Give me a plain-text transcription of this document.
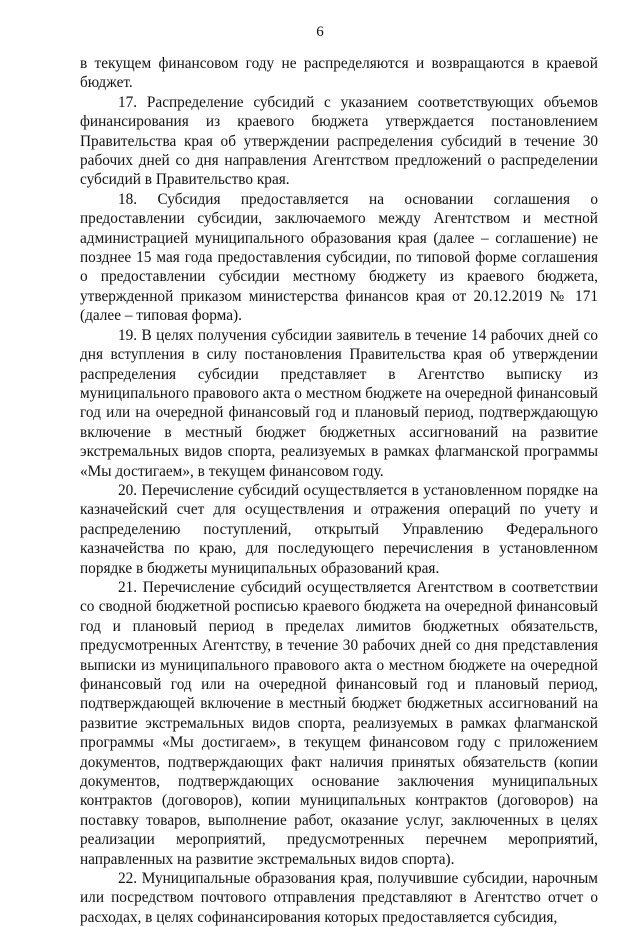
6

в текущем финансовом году не распределяются и возвращаются в краевой бюджет.

17. Распределение субсидий с указанием соответствующих объемов финансирования из краевого бюджета утверждается постановлением Правительства края об утверждении распределения субсидий в течение 30 рабочих дней со дня направления Агентством предложений о распределении субсидий в Правительство края.

18. Субсидия предоставляется на основании соглашения о предоставлении субсидии, заключаемого между Агентством и местной администрацией муниципального образования края (далее – соглашение) не позднее 15 мая года предоставления субсидии, по типовой форме соглашения о предоставлении субсидии местному бюджету из краевого бюджета, утвержденной приказом министерства финансов края от 20.12.2019 № 171 (далее – типовая форма).

19. В целях получения субсидии заявитель в течение 14 рабочих дней со дня вступления в силу постановления Правительства края об утверждении распределения субсидии представляет в Агентство выписку из муниципального правового акта о местном бюджете на очередной финансовый год или на очередной финансовый год и плановый период, подтверждающую включение в местный бюджет бюджетных ассигнований на развитие экстремальных видов спорта, реализуемых в рамках флагманской программы «Мы достигаем», в текущем финансовом году.

20. Перечисление субсидий осуществляется в установленном порядке на казначейский счет для осуществления и отражения операций по учету и распределению поступлений, открытый Управлению Федерального казначейства по краю, для последующего перечисления в установленном порядке в бюджеты муниципальных образований края.

21. Перечисление субсидий осуществляется Агентством в соответствии со сводной бюджетной росписью краевого бюджета на очередной финансовый год и плановый период в пределах лимитов бюджетных обязательств, предусмотренных Агентству, в течение 30 рабочих дней со дня представления выписки из муниципального правового акта о местном бюджете на очередной финансовый год или на очередной финансовый год и плановый период, подтверждающей включение в местный бюджет бюджетных ассигнований на развитие экстремальных видов спорта, реализуемых в рамках флагманской программы «Мы достигаем», в текущем финансовом году с приложением документов, подтверждающих факт наличия принятых обязательств (копии документов, подтверждающих основание заключения муниципальных контрактов (договоров), копии муниципальных контрактов (договоров) на поставку товаров, выполнение работ, оказание услуг, заключенных в целях реализации мероприятий, предусмотренных перечнем мероприятий, направленных на развитие экстремальных видов спорта).

22. Муниципальные образования края, получившие субсидии, нарочным или посредством почтового отправления представляют в Агентство отчет о расходах, в целях софинансирования которых предоставляется субсидия,
